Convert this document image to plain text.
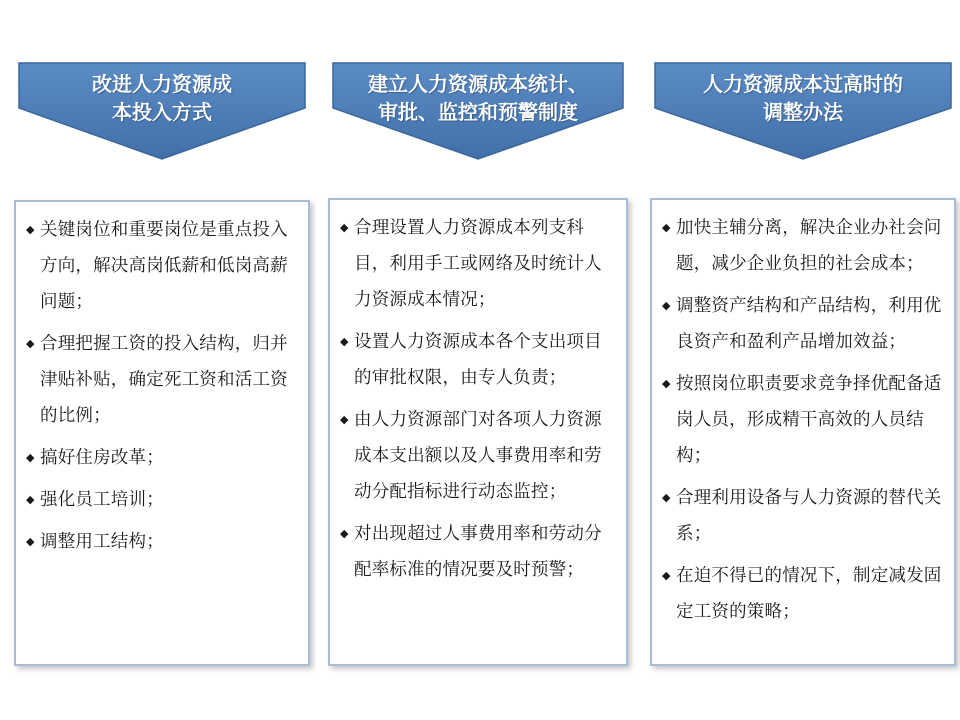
改进人力资源成
本投入方式
◆ 关键岗位和重要岗位是重点投入方向，解决高岗低薪和低岗高薪问题；
◆ 合理把握工资的投入结构，归并津贴补贴，确定死工资和活工资的比例；
◆ 搞好住房改革；
◆ 强化员工培训；
◆ 调整用工结构；
建立人力资源成本统计、
审批、监控和预警制度
◆ 合理设置人力资源成本列支科目，利用手工或网络及时统计人力资源成本情况；
◆ 设置人力资源成本各个支出项目的审批权限，由专人负责；
◆ 由人力资源部门对各项人力资源成本支出额以及人事费用率和劳动分配指标进行动态监控；
◆ 对出现超过人事费用率和劳动分配率标准的情况要及时预警；
人力资源成本过高时的
调整办法
◆ 加快主辅分离，解决企业办社会问题，减少企业负担的社会成本；
◆ 调整资产结构和产品结构，利用优良资产和盈利产品增加效益；
◆ 按照岗位职责要求竞争择优配备适岗人员，形成精干高效的人员结构；
◆ 合理利用设备与人力资源的替代关系；
◆ 在迫不得已的情况下，制定减发固定工资的策略；
